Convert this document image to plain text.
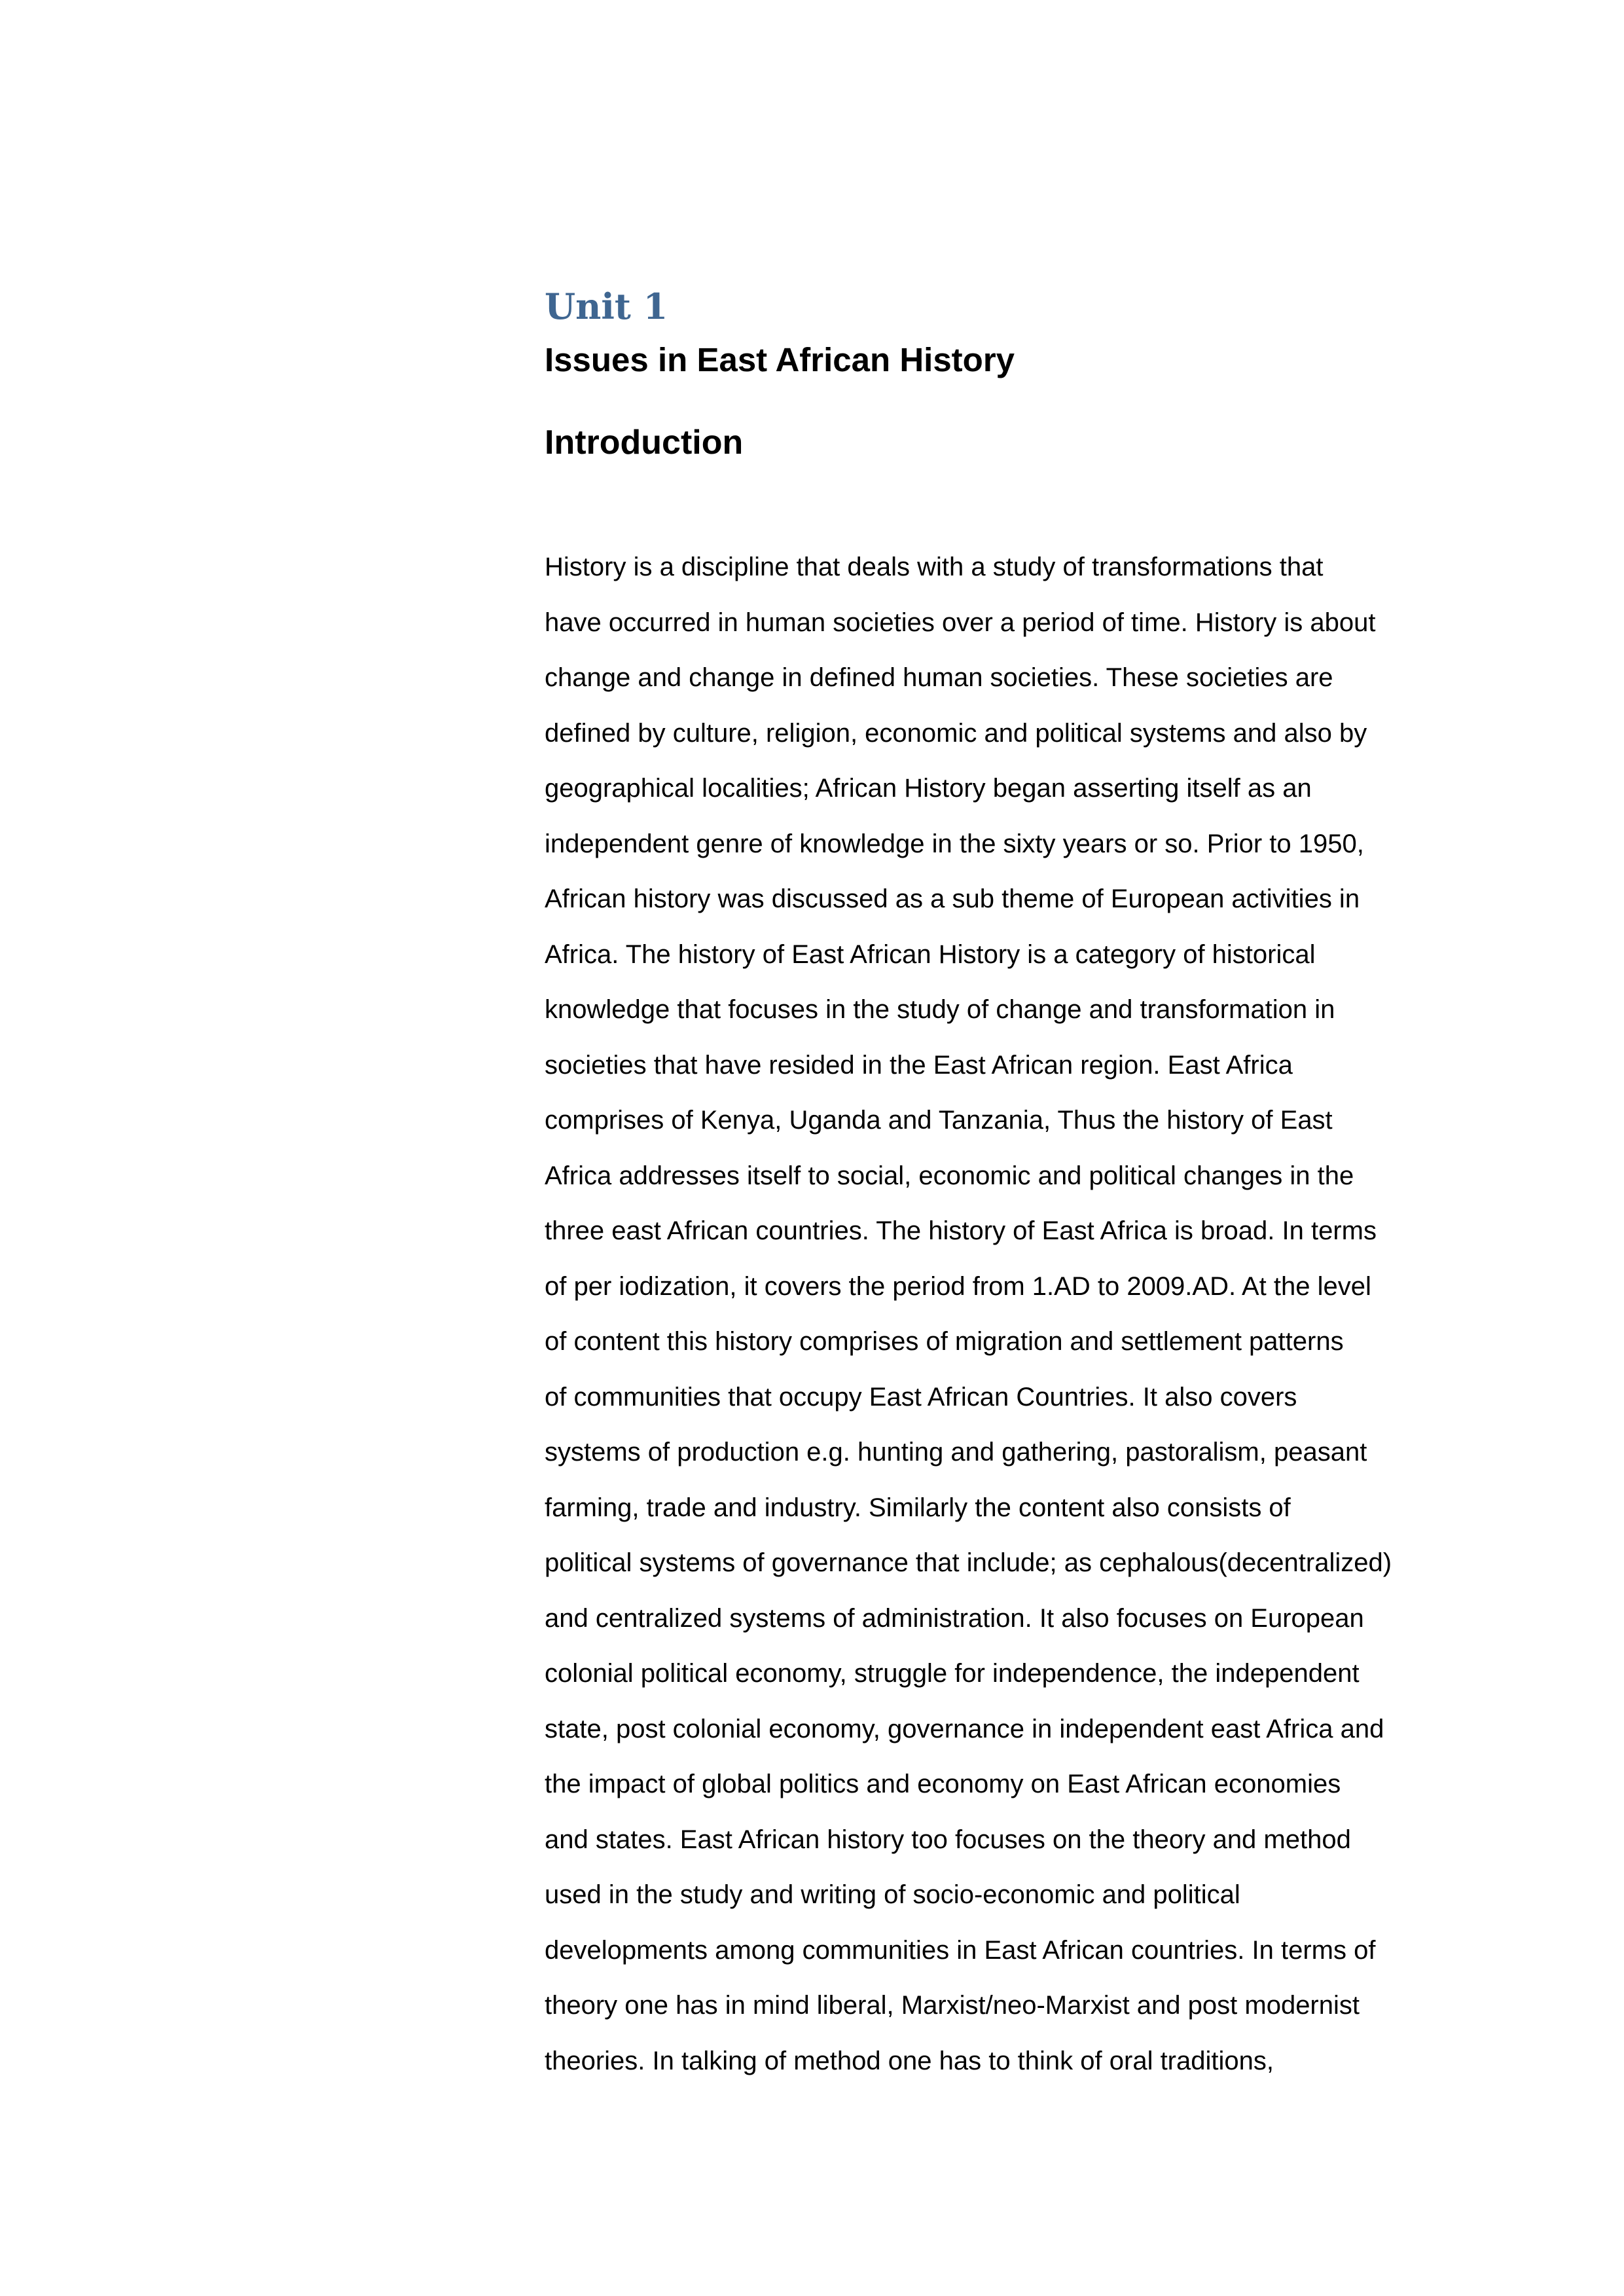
Unit 1
Issues in East African History
Introduction

History is a discipline that deals with a study of transformations that
have occurred in human societies over a period of time. History is about
change and change in defined human societies. These societies are
defined by culture, religion, economic and political systems and also by
geographical localities; African History began asserting itself as an
independent genre of knowledge in the sixty years or so. Prior to 1950,
African history was discussed as a sub theme of European activities in
Africa. The history of East African History is a category of historical
knowledge that focuses in the study of change and transformation in
societies that have resided in the East African region. East Africa
comprises of Kenya, Uganda and Tanzania, Thus the history of East
Africa addresses itself to social, economic and political changes in the
three east African countries. The history of East Africa is broad. In terms
of per iodization, it covers the period from 1.AD to 2009.AD. At the level
of content this history comprises of migration and settlement patterns
of communities that occupy East African Countries. It also covers
systems of production e.g. hunting and gathering, pastoralism, peasant
farming, trade and industry. Similarly the content also consists of
political systems of governance that include; as cephalous(decentralized)
and centralized systems of administration. It also focuses on European
colonial political economy, struggle for independence, the independent
state, post colonial economy, governance in independent east Africa and
the impact of global politics and economy on East African economies
and states. East African history too focuses on the theory and method
used in the study and writing of socio-economic and political
developments among communities in East African countries. In terms of
theory one has in mind liberal, Marxist/neo-Marxist and post modernist
theories. In talking of method one has to think of oral traditions,
